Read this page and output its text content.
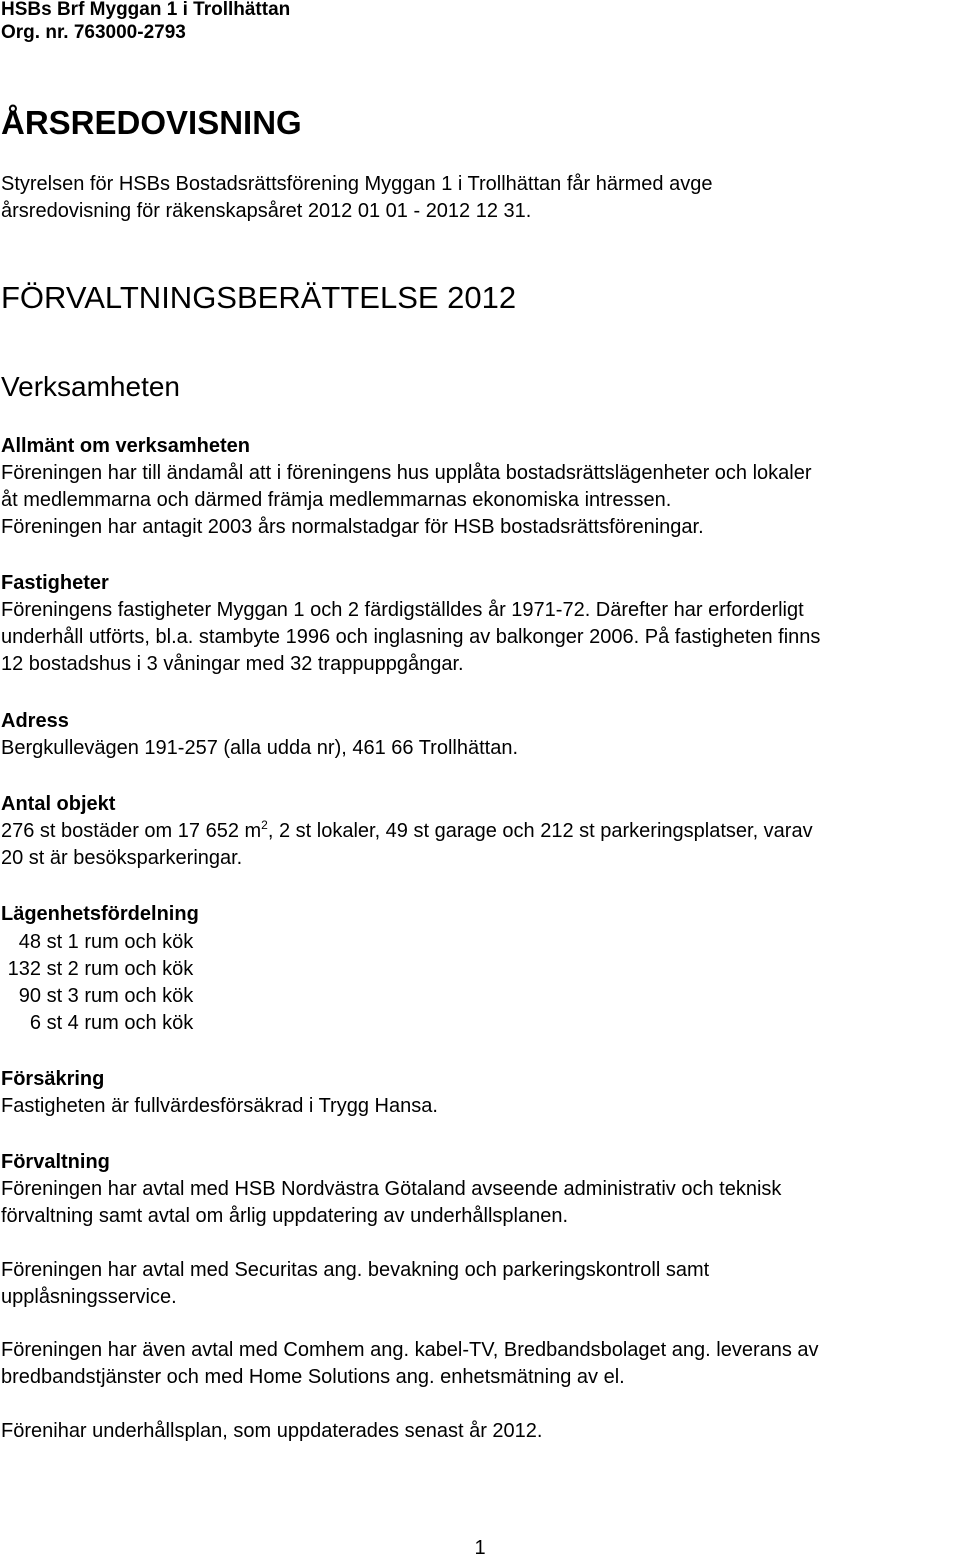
HSBs Brf Myggan 1 i Trollhättan
Org. nr. 763000-2793
ÅRSREDOVISNING
Styrelsen för HSBs Bostadsrättsförening Myggan 1 i Trollhättan får härmed avge
årsredovisning för räkenskapsåret 2012 01 01 - 2012 12 31.
FÖRVALTNINGSBERÄTTELSE 2012
Verksamheten
Allmänt om verksamheten
Föreningen har till ändamål att i föreningens hus upplåta bostadsrättslägenheter och lokaler
åt medlemmarna och därmed främja medlemmarnas ekonomiska intressen.
Föreningen har antagit 2003 års normalstadgar för HSB bostadsrättsföreningar.
Fastigheter
Föreningens fastigheter Myggan 1 och 2 färdigställdes år 1971-72. Därefter har erforderligt
underhåll utförts, bl.a. stambyte 1996 och inglasning av balkonger 2006. På fastigheten finns
12 bostadshus i 3 våningar med 32 trappuppgångar.
Adress
Bergkullevägen 191-257 (alla udda nr), 461 66 Trollhättan.
Antal objekt
276 st bostäder om 17 652 $m^2$, 2 st lokaler, 49 st garage och 212 st parkeringsplatser, varav
20 st är besöksparkeringar.
Lägenhetsfördelning
48 st 1 rum och kök
132 st 2 rum och kök
90 st 3 rum och kök
6 st 4 rum och kök
Försäkring
Fastigheten är fullvärdesförsäkrad i Trygg Hansa.
Förvaltning
Föreningen har avtal med HSB Nordvästra Götaland avseende administrativ och teknisk
förvaltning samt avtal om årlig uppdatering av underhållsplanen.
Föreningen har avtal med Securitas ang. bevakning och parkeringskontroll samt
upplåsningsservice.
Föreningen har även avtal med Comhem ang. kabel-TV, Bredbandsbolaget ang. leverans av
bredbandstjänster och med Home Solutions ang. enhetsmätning av el.
Förenihar underhållsplan, som uppdaterades senast år 2012.
1
